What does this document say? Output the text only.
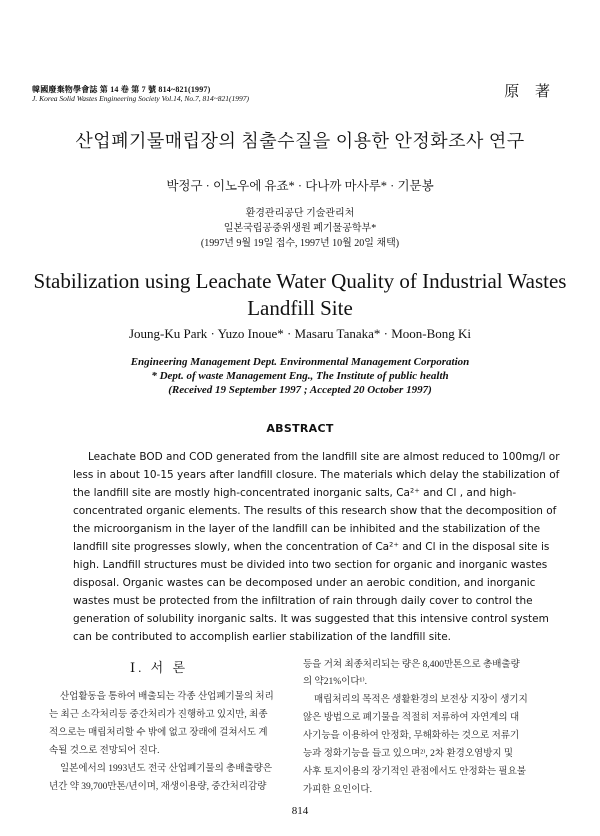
韓國廢棄物學會誌 第 14 卷 第 7 號 814~821(1997)
J. Korea Solid Wastes Engineering Society Vol.14, No.7, 814~821(1997)	原 著
산업폐기물매립장의 침출수질을 이용한 안정화조사 연구
박정구 · 이노우에 유죠* · 다나까 마사루* · 기문봉
환경관리공단 기술관리처
일본국립공중위생원 폐기물공학부*
(1997년 9월 19일 접수, 1997년 10월 20일 채택)
Stabilization using Leachate Water Quality of Industrial Wastes
Landfill Site
Joung-Ku Park · Yuzo Inoue* · Masaru Tanaka* · Moon-Bong Ki
Engineering Management Dept. Environmental Management Corporation
* Dept. of waste Management Eng., The Institute of public health
(Received 19 September 1997 ; Accepted 20 October 1997)
ABSTRACT
Leachate BOD and COD generated from the landfill site are almost reduced to 100mg/l or
less in about 10-15 years after landfill closure. The materials which delay the stabilization of
the landfill site are mostly high-concentrated inorganic salts, Ca²⁺ and Cl , and high-
concentrated organic elements. The results of this research show that the decomposition of
the microorganism in the layer of the landfill can be inhibited and the stabilization of the
landfill site progresses slowly, when the concentration of Ca²⁺ and Cl in the disposal site is
high. Landfill structures must be divided into two section for organic and inorganic wastes
disposal. Organic wastes can be decomposed under an aerobic condition, and inorganic
wastes must be protected from the infiltration of rain through daily cover to control the
generation of solubility inorganic salts. It was suggested that this intensive control system
can be contributed to accomplish earlier stabilization of the landfill site.
Ⅰ. 서 론
산업활동을 통하여 배출되는 각종 산업폐기물의 처리
는 최근 소각처리등 중간처리가 진행하고 있지만, 최종
적으로는 매립처리할 수 밖에 없고 장래에 걸쳐서도 계
속될 것으로 전망되어 진다.
일본에서의 1993년도 전국 산업폐기물의 총배출량은
년간 약 39,700만톤/년이며, 재생이용량, 중간처리감량
등을 거쳐 최종처리되는 량은 8,400만톤으로 총배출량
의 약21%이다¹⁾.
매립처리의 목적은 생활환경의 보전상 지장이 생기지
않은 방법으로 폐기물을 적절히 저류하여 자연계의 대
사기능을 이용하여 안정화, 무해화하는 것으로 저류기
능과 정화기능을 들고 있으며²⁾, 2차 환경오염방지 및
사후 토지이용의 장기적인 관점에서도 안정화는 필요불
가피한 요인이다.
814
